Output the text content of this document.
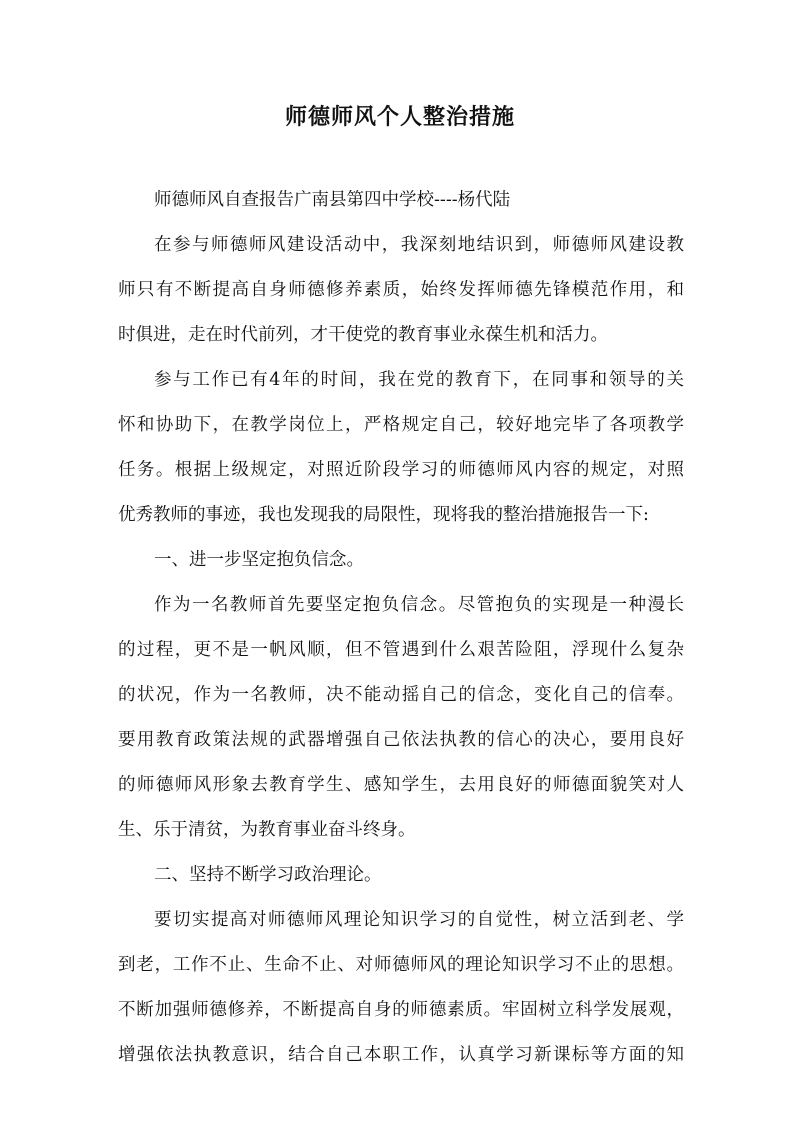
师德师风个人整治措施
师德师风自查报告广南县第四中学校----杨代陆
在参与师德师风建设活动中，我深刻地结识到，师德师风建设教
师只有不断提高自身师德修养素质，始终发挥师德先锋模范作用，和
时俱进，走在时代前列，才干使党的教育事业永葆生机和活力。
参与工作已有4年的时间，我在党的教育下，在同事和领导的关
怀和协助下，在教学岗位上，严格规定自己，较好地完毕了各项教学
任务。根据上级规定，对照近阶段学习的师德师风内容的规定，对照
优秀教师的事迹，我也发现我的局限性，现将我的整治措施报告一下:
一、进一步坚定抱负信念。
作为一名教师首先要坚定抱负信念。尽管抱负的实现是一种漫长
的过程，更不是一帆风顺，但不管遇到什么艰苦险阻，浮现什么复杂
的状况，作为一名教师，决不能动摇自己的信念，变化自己的信奉。
要用教育政策法规的武器增强自己依法执教的信心的决心，要用良好
的师德师风形象去教育学生、感知学生，去用良好的师德面貌笑对人
生、乐于清贫，为教育事业奋斗终身。
二、坚持不断学习政治理论。
要切实提高对师德师风理论知识学习的自觉性，树立活到老、学
到老，工作不止、生命不止、对师德师风的理论知识学习不止的思想。
不断加强师德修养，不断提高自身的师德素质。牢固树立科学发展观，
增强依法执教意识，结合自己本职工作，认真学习新课标等方面的知
